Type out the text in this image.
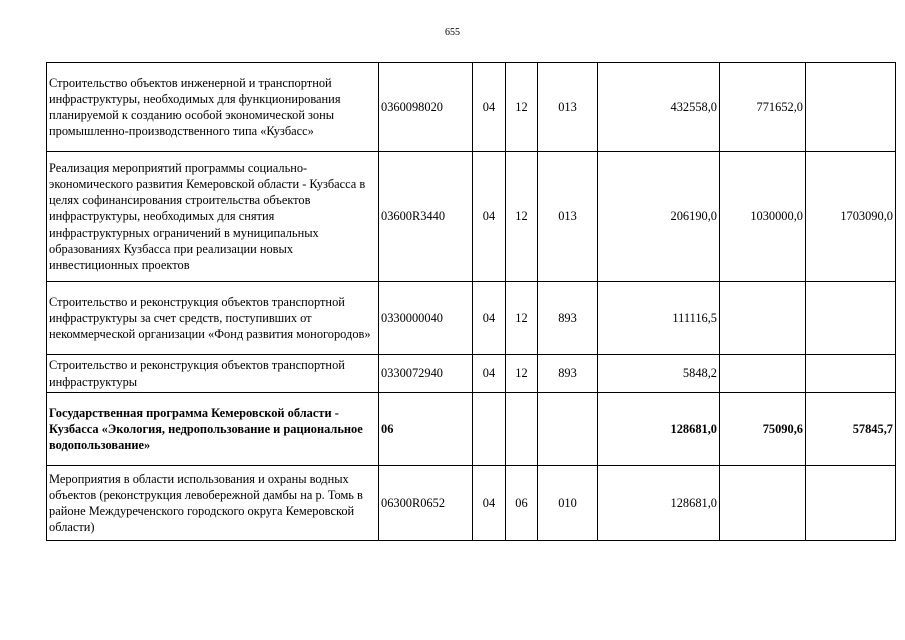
655
Строительство объектов инженерной и транспортной инфраструктуры, необходимых для функционирования планируемой к созданию особой экономической зоны промышленно-производственного типа «Кузбасс»	0360098020	04	12	013	432558,0	771652,0	
Реализация мероприятий программы социально-экономического развития Кемеровской области - Кузбасса в целях софинансирования строительства объектов инфраструктуры, необходимых для снятия инфраструктурных ограничений в муниципальных образованиях Кузбасса при реализации новых инвестиционных проектов	03600R3440	04	12	013	206190,0	1030000,0	1703090,0
Строительство и реконструкция объектов транспортной инфраструктуры за счет средств, поступивших от некоммерческой организации «Фонд развития моногородов»	0330000040	04	12	893	111116,5		
Строительство и реконструкция объектов транспортной инфраструктуры	0330072940	04	12	893	5848,2		
Государственная программа Кемеровской области - Кузбасса «Экология, недропользование и рациональное водопользование»	06				128681,0	75090,6	57845,7
Мероприятия в области использования и охраны водных объектов (реконструкция левобережной дамбы на р. Томь в районе Междуреченского городского округа Кемеровской области)	06300R0652	04	06	010	128681,0		
